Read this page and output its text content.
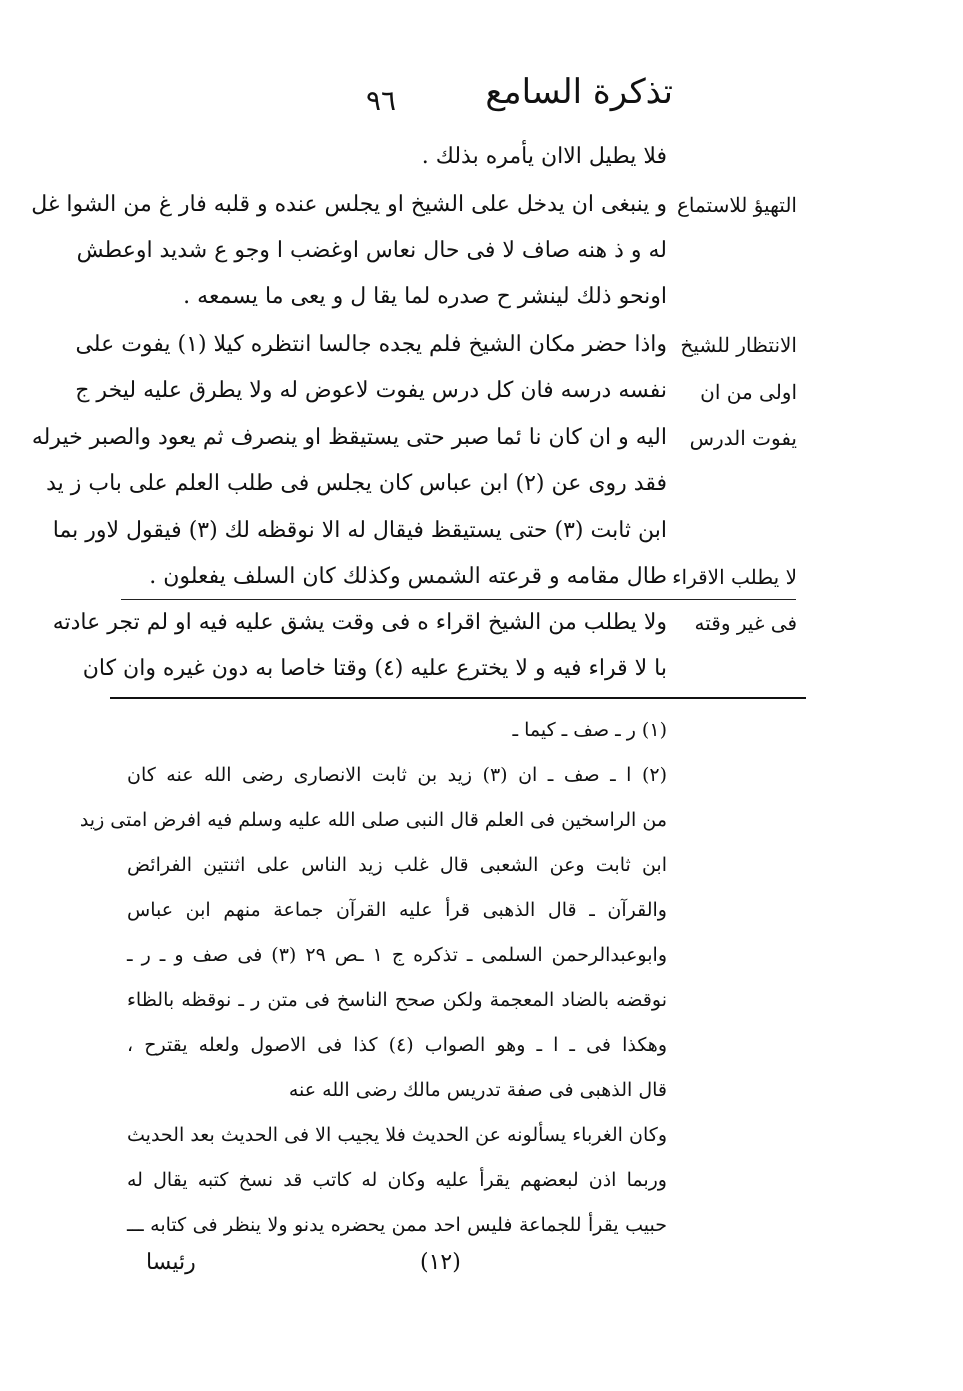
تذكرة السامع
٩٦
فلا يطيل الاان يأمره بذلك .
و ينبغى ان يدخل على الشيخ او يجلس عنده و قلبه فار غ من الشوا غل
له و ذ هنه صاف لا فى حال نعاس اوغضب ا وجو ع شديد اوعطش
اونحو ذلك لينشر ح صدره لما يقا ل و يعى ما يسمعه .
واذا حضر مكان الشيخ فلم يجده جالسا انتظره كيلا (١) يفوت على
نفسه درسه فان كل درس يفوت لاعوض له ولا يطرق عليه ليخر ج
اليه و ان كان نا ئما صبر حتى يستيقظ او ينصرف ثم يعود والصبر خيرله
فقد روى عن (٢) ابن عباس كان يجلس فى طلب العلم على باب ز يد
ابن ثابت (٣) حتى يستيقظ فيقال له الا نوقظه لك (٣) فيقول لاور بما
طال مقامه و قرعته الشمس وكذلك كان السلف يفعلون .
ولا يطلب من الشيخ اقراء ه فى وقت يشق عليه فيه او لم تجر عادته
با لا قراء فيه و لا يخترع عليه (٤) وقتا خاصا به دون غيره وان كان
التهيؤ للاستماع
الانتظار للشيخ
اولى من ان
يفوت الدرس
لا يطلب الاقراء
فى غير وقته
(١) ر ـ صف ـ كيما ـ
(٢) ا ـ صف ـ ان (٣) زيد بن ثابت الانصارى رضى الله عنه كان
من الراسخين فى العلم قال النبى صلى الله عليه وسلم فيه افرض امتى زيد
ابن ثابت وعن الشعبى قال غلب زيد الناس على اثنتين الفرائض
والقرآن ـ قال الذهبى قرأ عليه القرآن جماعة منهم ابن عباس
وابوعبدالرحمن السلمى ـ تذكره ج ١ ـص ٢٩ (٣) فى صف و ـ ر ـ
نوقضه بالضاد المعجمة ولكن صحح الناسخ فى متن ر ـ نوقظه بالظاء
وهكذا فى ـ ا ـ وهو الصواب (٤) كذا فى الاصول ولعله يقترح ،
قال الذهبى فى صفة تدريس مالك رضى الله عنه
وكان الغرباء يسألونه عن الحديث فلا يجيب الا فى الحديث بعد الحديث
وربما اذن لبعضهم يقرأ عليه وكان له كاتب قد نسخ كتبه يقال له
حبيب يقرأ للجماعة فليس احد ممن يحضره يدنو ولا ينظر فى كتابه ـــ
(١٢)
رئيسا
